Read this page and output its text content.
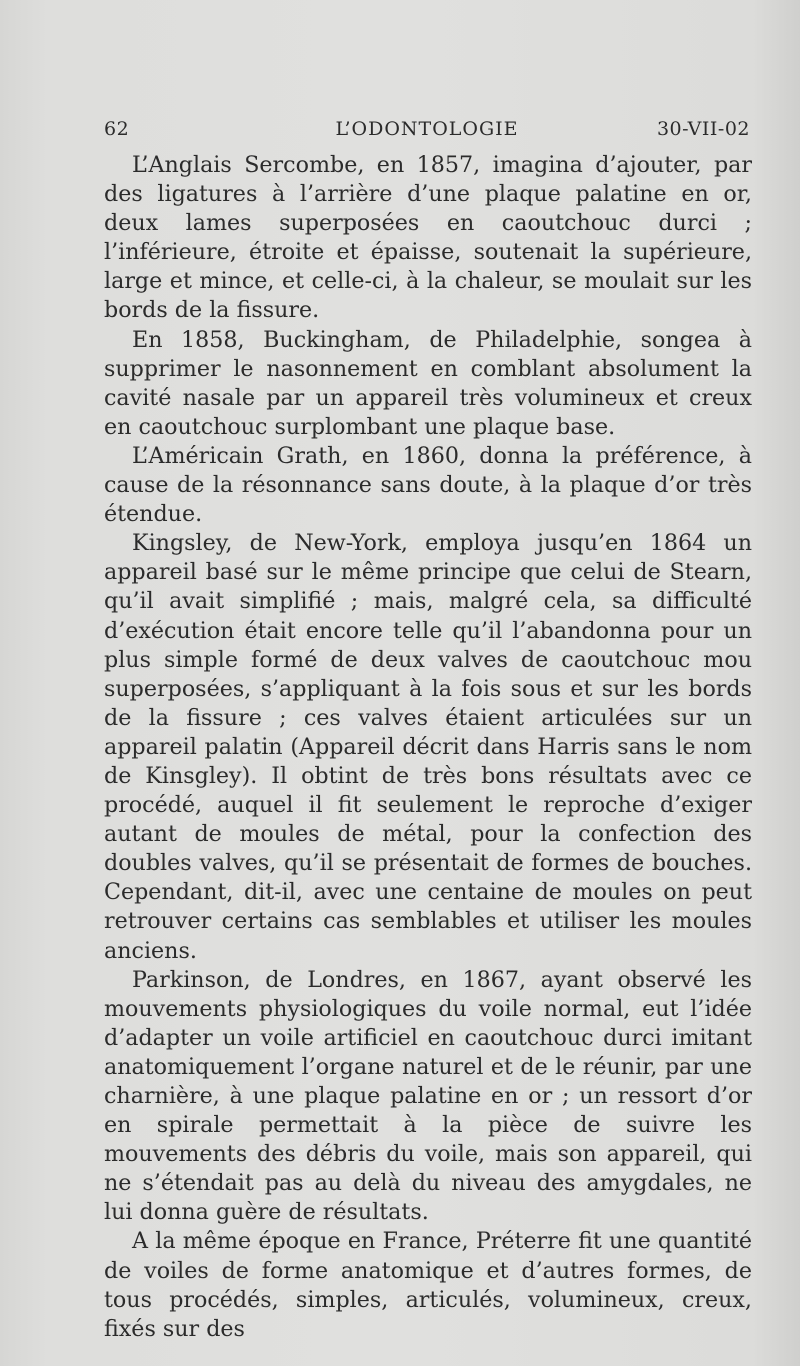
62	L’ODONTOLOGIE	30-VII-02

L’Anglais Sercombe, en 1857, imagina d’ajouter, par des ligatures à l’arrière d’une plaque palatine en or, deux lames superposées en caoutchouc durci ; l’inférieure, étroite et épaisse, soutenait la supérieure, large et mince, et celle-ci, à la chaleur, se moulait sur les bords de la fissure.

En 1858, Buckingham, de Philadelphie, songea à supprimer le nasonnement en comblant absolument la cavité nasale par un appareil très volumineux et creux en caoutchouc surplombant une plaque base.

L’Américain Grath, en 1860, donna la préférence, à cause de la résonnance sans doute, à la plaque d’or très étendue.

Kingsley, de New-York, employa jusqu’en 1864 un appareil basé sur le même principe que celui de Stearn, qu’il avait simplifié ; mais, malgré cela, sa difficulté d’exécution était encore telle qu’il l’abandonna pour un plus simple formé de deux valves de caoutchouc mou superposées, s’appliquant à la fois sous et sur les bords de la fissure ; ces valves étaient articulées sur un appareil palatin (Appareil décrit dans Harris sans le nom de Kinsgley). Il obtint de très bons résultats avec ce procédé, auquel il fit seulement le reproche d’exiger autant de moules de métal, pour la confection des doubles valves, qu’il se présentait de formes de bouches. Cependant, dit-il, avec une centaine de moules on peut retrouver certains cas semblables et utiliser les moules anciens.

Parkinson, de Londres, en 1867, ayant observé les mouvements physiologiques du voile normal, eut l’idée d’adapter un voile artificiel en caoutchouc durci imitant anatomiquement l’organe naturel et de le réunir, par une charnière, à une plaque palatine en or ; un ressort d’or en spirale permettait à la pièce de suivre les mouvements des débris du voile, mais son appareil, qui ne s’étendait pas au delà du niveau des amygdales, ne lui donna guère de résultats.

A la même époque en France, Préterre fit une quantité de voiles de forme anatomique et d’autres formes, de tous procédés, simples, articulés, volumineux, creux, fixés sur des
